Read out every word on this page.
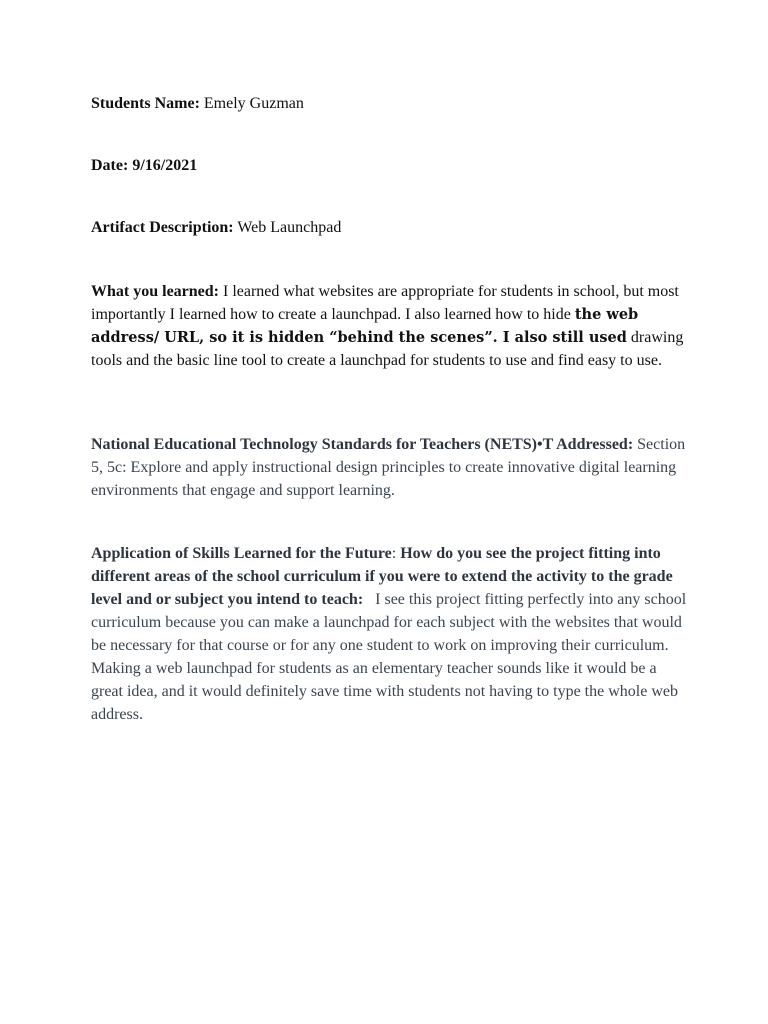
Students Name: Emely Guzman

Date: 9/16/2021

Artifact Description: Web Launchpad

What you learned: I learned what websites are appropriate for students in school, but most importantly I learned how to create a launchpad. I also learned how to hide the web address/ URL, so it is hidden “behind the scenes”. I also still used drawing tools and the basic line tool to create a launchpad for students to use and find easy to use.

National Educational Technology Standards for Teachers (NETS)•T Addressed: Section 5, 5c: Explore and apply instructional design principles to create innovative digital learning environments that engage and support learning.

Application of Skills Learned for the Future: How do you see the project fitting into different areas of the school curriculum if you were to extend the activity to the grade level and or subject you intend to teach:   I see this project fitting perfectly into any school curriculum because you can make a launchpad for each subject with the websites that would be necessary for that course or for any one student to work on improving their curriculum. Making a web launchpad for students as an elementary teacher sounds like it would be a great idea, and it would definitely save time with students not having to type the whole web address.
